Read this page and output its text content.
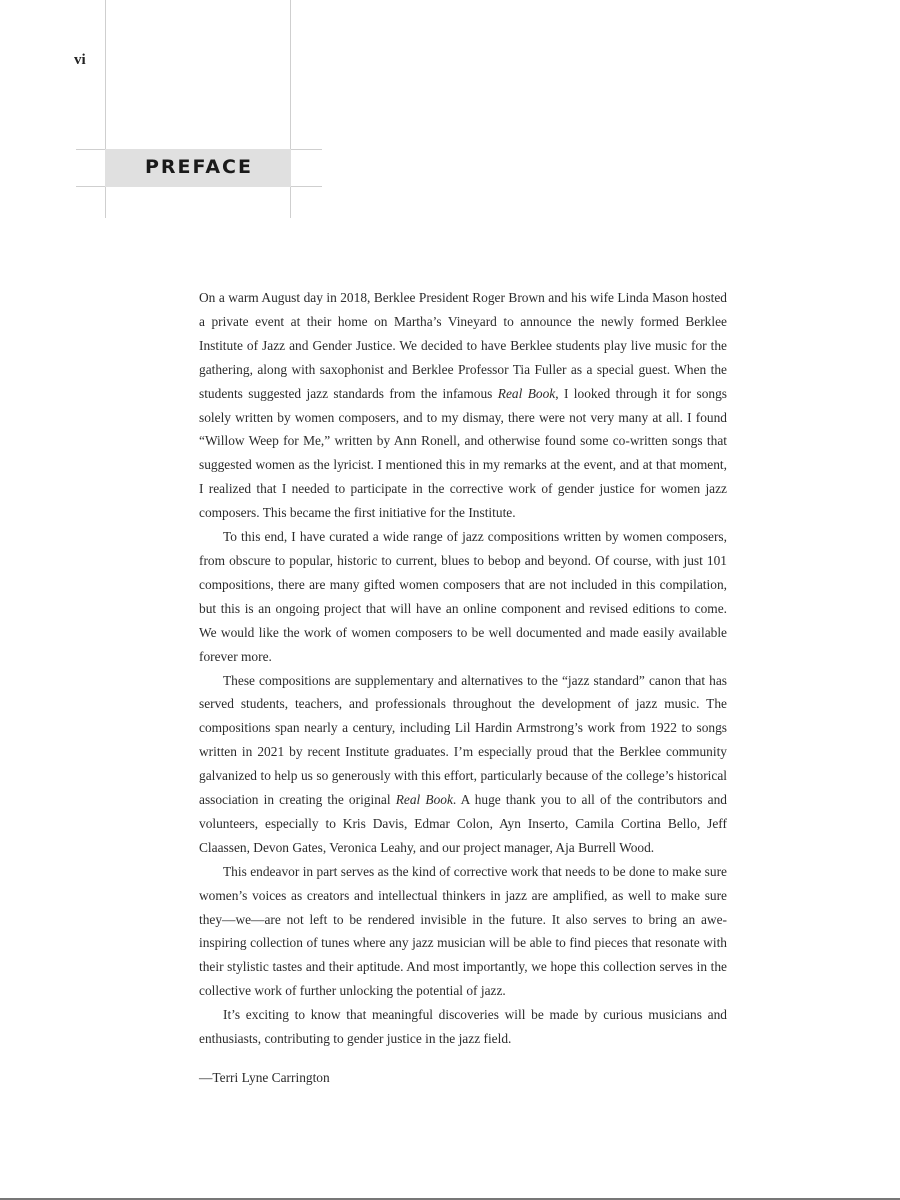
vi
PREFACE

On a warm August day in 2018, Berklee President Roger Brown and his wife Linda Mason hosted a private event at their home on Martha’s Vineyard to announce the newly formed Berklee Institute of Jazz and Gender Justice. We decided to have Berklee students play live music for the gathering, along with saxophonist and Berklee Professor Tia Fuller as a special guest. When the students suggested jazz standards from the infamous Real Book, I looked through it for songs solely written by women composers, and to my dismay, there were not very many at all. I found “Willow Weep for Me,” written by Ann Ronell, and otherwise found some co-written songs that suggested women as the lyricist. I mentioned this in my remarks at the event, and at that moment, I realized that I needed to participate in the corrective work of gender justice for women jazz composers. This became the first initiative for the Institute.

To this end, I have curated a wide range of jazz compositions written by women composers, from obscure to popular, historic to current, blues to bebop and beyond. Of course, with just 101 compositions, there are many gifted women composers that are not included in this compilation, but this is an ongoing project that will have an online component and revised editions to come. We would like the work of women composers to be well documented and made easily available forever more.

These compositions are supplementary and alternatives to the “jazz standard” canon that has served students, teachers, and professionals throughout the development of jazz music. The compositions span nearly a century, including Lil Hardin Armstrong’s work from 1922 to songs written in 2021 by recent Institute graduates. I’m especially proud that the Berklee community galvanized to help us so generously with this effort, particularly because of the college’s historical association in creating the original Real Book. A huge thank you to all of the contributors and volunteers, especially to Kris Davis, Edmar Colon, Ayn Inserto, Camila Cortina Bello, Jeff Claassen, Devon Gates, Veronica Leahy, and our project manager, Aja Burrell Wood.

This endeavor in part serves as the kind of corrective work that needs to be done to make sure women’s voices as creators and intellectual thinkers in jazz are amplified, as well to make sure they—we—are not left to be rendered invisible in the future. It also serves to bring an awe-inspiring collection of tunes where any jazz musician will be able to find pieces that resonate with their stylistic tastes and their aptitude. And most importantly, we hope this collection serves in the collective work of further unlocking the potential of jazz.

It’s exciting to know that meaningful discoveries will be made by curious musicians and enthusiasts, contributing to gender justice in the jazz field.

—Terri Lyne Carrington
